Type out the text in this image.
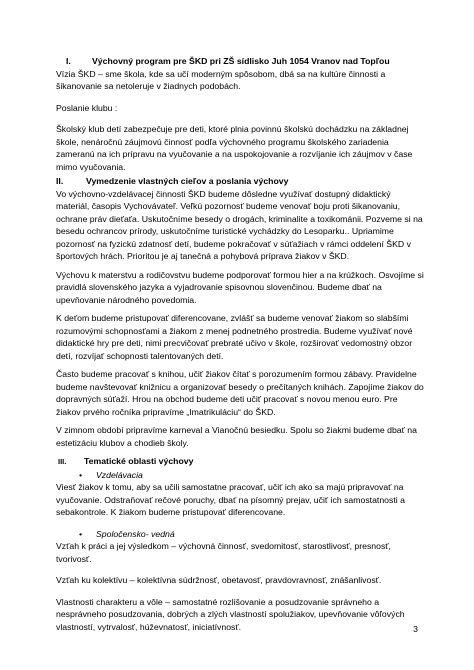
I.	Výchovný program pre ŠKD pri ZŠ sídlisko Juh 1054 Vranov nad Topľou

Vízia ŠKD – sme škola, kde sa učí moderným spôsobom, dbá sa na kultúre činnosti a šikanovanie sa netoleruje v žiadnych podobách.

Poslanie klubu :

Školský klub detí zabezpečuje pre deti, ktoré plnia povinnú školskú dochádzku na základnej škole, nenáročnú záujmovú činnosť podľa výchovného programu školského zariadenia zameranú na ich prípravu na vyučovanie a na uspokojovanie a rozvíjanie ich záujmov v čase mimo vyučovania.

II.	Vymedzenie vlastných cieľov a poslania výchovy

Vo výchovno-vzdelávacej činnosti ŠKD budeme dôsledne využívať dostupný didaktický materiál, časopis Vychovávateľ. Veľkú pozornosť budeme venovať boju proti šikanovaniu, ochrane práv dieťaťa. Uskutočníme besedy o drogách, kriminalite a toxikománii. Pozveme si na besedu ochrancov prírody, uskutočníme turistické vychádzky do Lesoparku.. Upriamime pozornosť na fyzickú zdatnosť detí, budeme pokračovať v súťažiach v rámci oddelení ŠKD v športových hrách. Prioritou je aj tanečná a pohybová príprava žiakov v ŠKD.

Výchovu k materstvu a rodičovstvu budeme podporovať formou hier a na krúžkoch. Osvojíme si pravidlá slovenského jazyka a vyjadrovanie spisovnou slovenčinou. Budeme dbať na upevňovanie národného povedomia.

K deťom budeme pristupovať diferencovane, zvlášť sa budeme venovať žiakom so slabšími rozumovými schopnosťami a žiakom z menej podnetného prostredia. Budeme využívať nové didaktické hry pre deti, nimi precvičovať prebraté učivo v škole, rozširovať vedomostný obzor detí, rozvíjať schopnosti talentovaných detí.

Často budeme pracovať s knihou, učiť žiakov čítať s porozumením formou zábavy. Pravidelne budeme navštevovať knižnicu a organizovať besedy o prečítaných knihách. Zapojíme žiakov do dopravných súťaží. Hrou na obchod budeme deti učiť pracovať s novou menou euro. Pre žiakov prvého ročníka pripravíme „Imatrikuláciu“ do ŠKD.

V zimnom období pripravíme karneval a Vianočnú besiedku. Spolu so žiakmi budeme dbať na estetizáciu klubov a chodieb školy.

III.	Tematické oblasti výchovy
•	Vzdelávacia

Viesť žiakov k tomu, aby sa učili samostatne pracovať, učiť ich ako sa majú pripravovať na vyučovanie. Odstraňovať rečové poruchy, dbať na písomný prejav, učiť ich samostatnosti a sebakontrole. K žiakom budeme pristupovať diferencovane.

•	Spoločensko- vedná

Vzťah k práci a jej výsledkom – výchovná činnosť, svedomitosť, starostlivosť, presnosť, tvorivosť.

Vzťah ku kolektívu – kolektívna súdržnosť, obetavosť, pravdovravnosť, znášanlivosť.

Vlastnosti charakteru a vôle – samostatné rozlišovanie a posudzovanie správneho a nesprávneho posudzovania, dobrých a zlých vlastností spolužiakov, upevňovanie vôľových vlastností, vytrvalosť, húževnatosť, iniciatívnosť.	3
